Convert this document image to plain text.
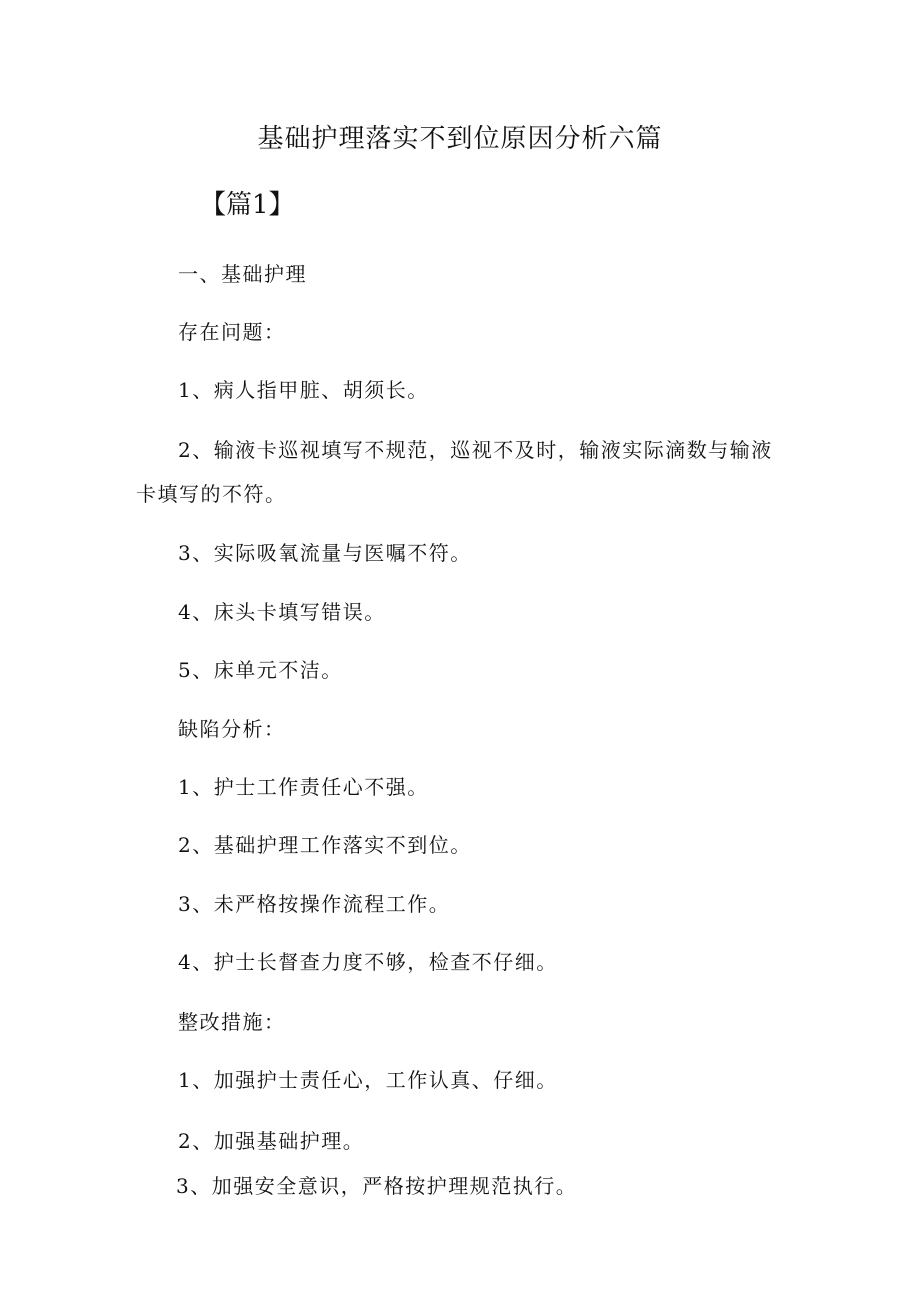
基础护理落实不到位原因分析六篇
【篇1】
一、基础护理
存在问题：
1、病人指甲脏、胡须长。
2、输液卡巡视填写不规范，巡视不及时，输液实际滴数与输液
卡填写的不符。
3、实际吸氧流量与医嘱不符。
4、床头卡填写错误。
5、床单元不洁。
缺陷分析：
1、护士工作责任心不强。
2、基础护理工作落实不到位。
3、未严格按操作流程工作。
4、护士长督查力度不够，检查不仔细。
整改措施：
1、加强护士责任心，工作认真、仔细。
2、加强基础护理。
3、加强安全意识，严格按护理规范执行。
